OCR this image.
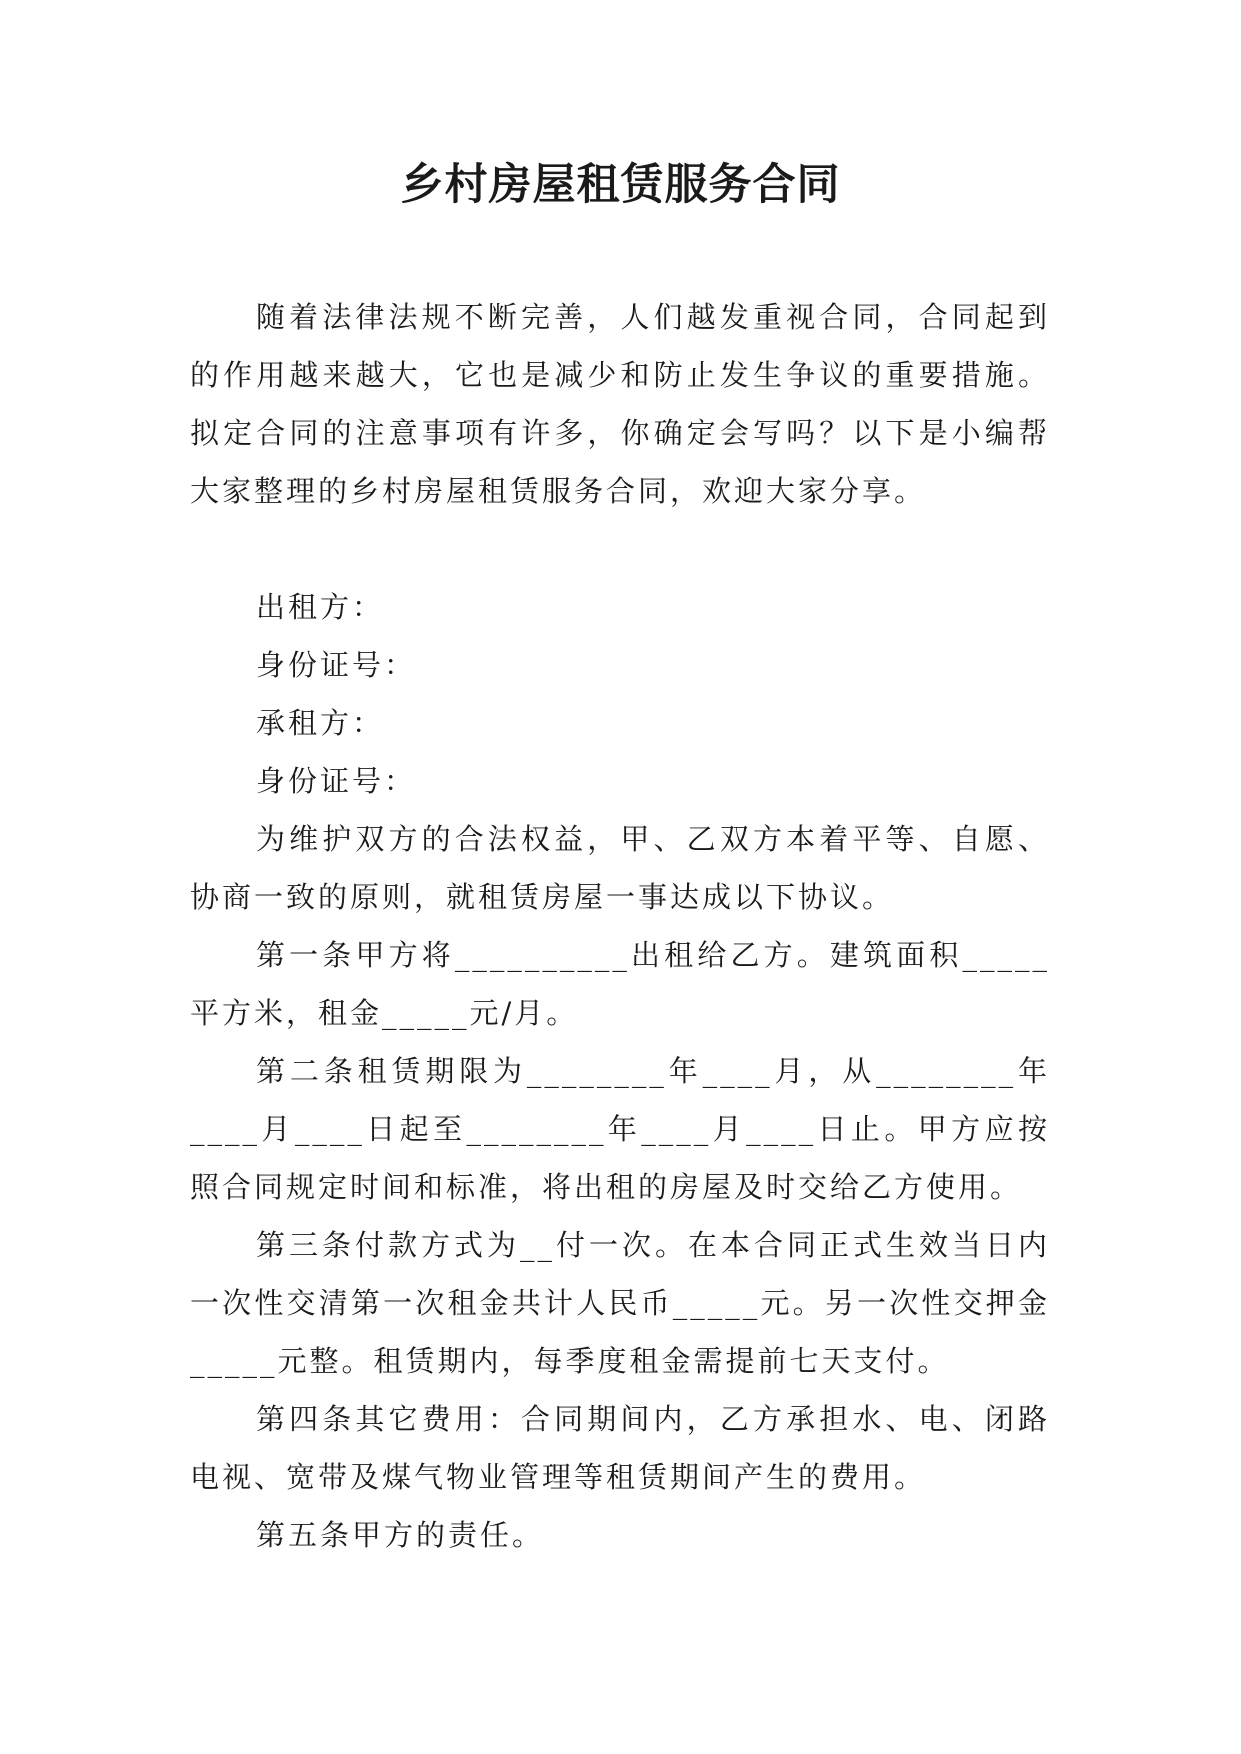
乡村房屋租赁服务合同

随着法律法规不断完善，人们越发重视合同，合同起到的作用越来越大，它也是减少和防止发生争议的重要措施。拟定合同的注意事项有许多，你确定会写吗？以下是小编帮大家整理的乡村房屋租赁服务合同，欢迎大家分享。

出租方：

身份证号：

承租方：

身份证号：

为维护双方的合法权益，甲、乙双方本着平等、自愿、协商一致的原则，就租赁房屋一事达成以下协议。

第一条甲方将__________出租给乙方。建筑面积_____平方米，租金_____元/月。

第二条租赁期限为________年____月，从________年____月____日起至________年____月____日止。甲方应按照合同规定时间和标准，将出租的房屋及时交给乙方使用。

第三条付款方式为__付一次。在本合同正式生效当日内一次性交清第一次租金共计人民币_____元。另一次性交押金_____元整。租赁期内，每季度租金需提前七天支付。

第四条其它费用：合同期间内，乙方承担水、电、闭路电视、宽带及煤气物业管理等租赁期间产生的费用。

第五条甲方的责任。
